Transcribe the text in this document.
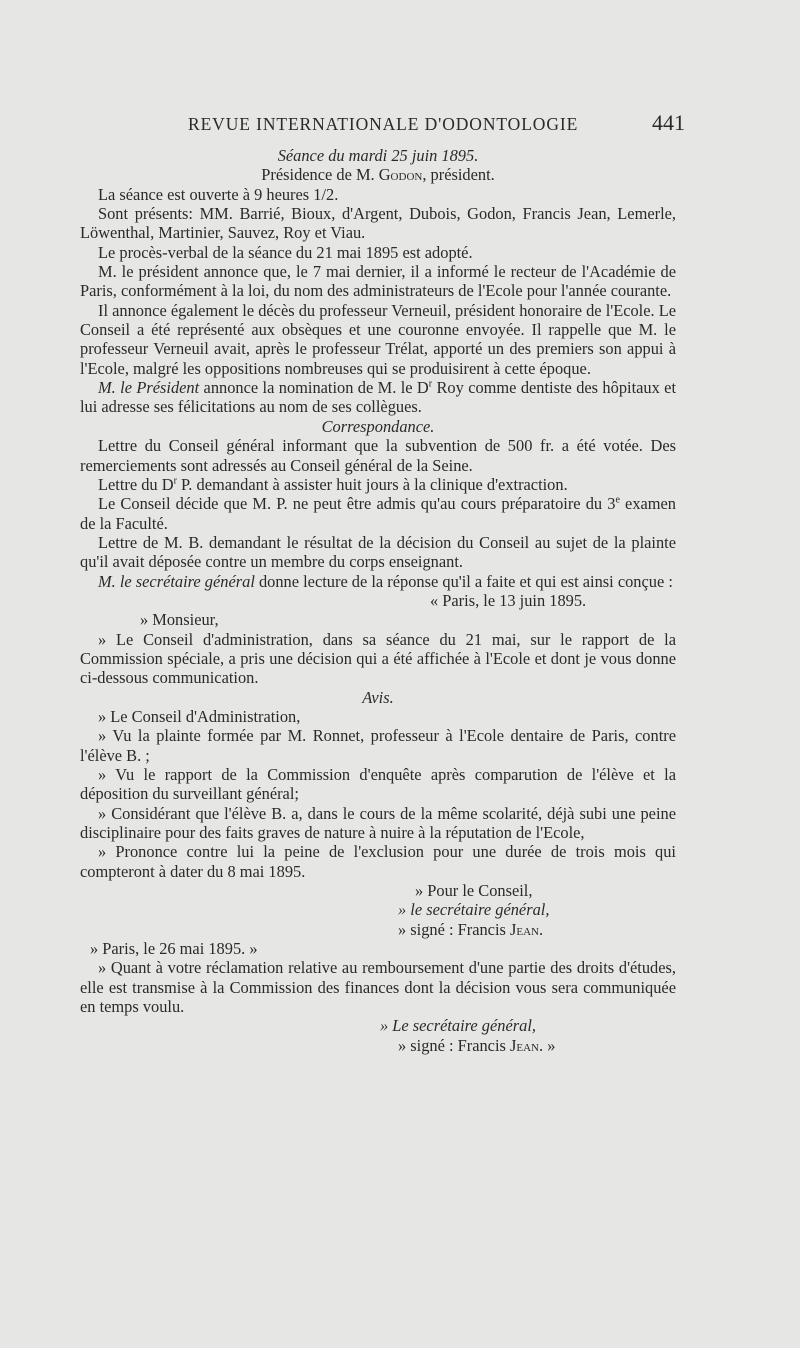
REVUE INTERNATIONALE D'ODONTOLOGIE	441

Séance du mardi 25 juin 1895.

Présidence de M. Godon, président.

La séance est ouverte à 9 heures 1/2.

Sont présents: MM. Barrié, Bioux, d'Argent, Dubois, Godon, Francis Jean, Lemerle, Löwenthal, Martinier, Sauvez, Roy et Viau.

Le procès-verbal de la séance du 21 mai 1895 est adopté.

M. le président annonce que, le 7 mai dernier, il a informé le recteur de l'Académie de Paris, conformément à la loi, du nom des administrateurs de l'Ecole pour l'année courante.

Il annonce également le décès du professeur Verneuil, président honoraire de l'Ecole. Le Conseil a été représenté aux obsèques et une couronne envoyée. Il rappelle que M. le professeur Verneuil avait, après le professeur Trélat, apporté un des premiers son appui à l'Ecole, malgré les oppositions nombreuses qui se produisirent à cette époque.

M. le Président annonce la nomination de M. le $D^r$ Roy comme dentiste des hôpitaux et lui adresse ses félicitations au nom de ses collègues.

Correspondance.

Lettre du Conseil général informant que la subvention de 500 fr. a été votée. Des remerciements sont adressés au Conseil général de la Seine.

Lettre du $D^r$ P. demandant à assister huit jours à la clinique d'extraction.

Le Conseil décide que M. P. ne peut être admis qu'au cours préparatoire du 3e examen de la Faculté.

Lettre de M. B. demandant le résultat de la décision du Conseil au sujet de la plainte qu'il avait déposée contre un membre du corps enseignant.

M. le secrétaire général donne lecture de la réponse qu'il a faite et qui est ainsi conçue :

« Paris, le 13 juin 1895.

» Monsieur,

» Le Conseil d'administration, dans sa séance du 21 mai, sur le rapport de la Commission spéciale, a pris une décision qui a été affichée à l'Ecole et dont je vous donne ci-dessous communication.

Avis.

» Le Conseil d'Administration,

» Vu la plainte formée par M. Ronnet, professeur à l'Ecole dentaire de Paris, contre l'élève B. ;

» Vu le rapport de la Commission d'enquête après comparution de l'élève et la déposition du surveillant général;

» Considérant que l'élève B. a, dans le cours de la même scolarité, déjà subi une peine disciplinaire pour des faits graves de nature à nuire à la réputation de l'Ecole,

» Prononce contre lui la peine de l'exclusion pour une durée de trois mois qui compteront à dater du 8 mai 1895.

» Pour le Conseil,

» le secrétaire général,

» signé : Francis Jean.

» Paris, le 26 mai 1895. »

» Quant à votre réclamation relative au remboursement d'une partie des droits d'études, elle est transmise à la Commission des finances dont la décision vous sera communiquée en temps voulu.

» Le secrétaire général,

» signé : Francis Jean. »
